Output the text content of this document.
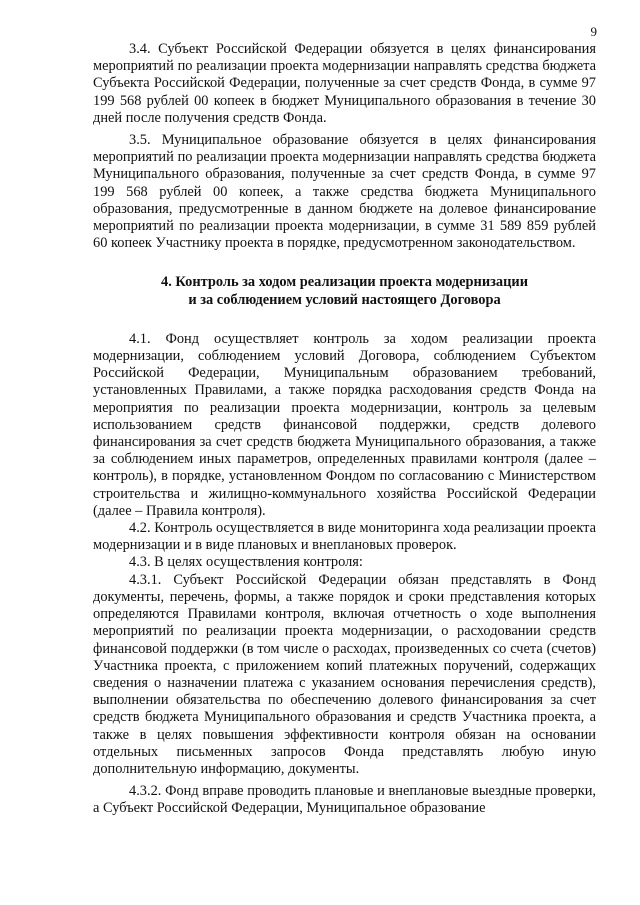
9

3.4. Субъект Российской Федерации обязуется в целях финансирования мероприятий по реализации проекта модернизации направлять средства бюджета Субъекта Российской Федерации, полученные за счет средств Фонда, в сумме 97 199 568 рублей 00 копеек в бюджет Муниципального образования в течение 30 дней после получения средств Фонда.

3.5. Муниципальное образование обязуется в целях финансирования мероприятий по реализации проекта модернизации направлять средства бюджета Муниципального образования, полученные за счет средств Фонда, в сумме 97 199 568 рублей 00 копеек, а также средства бюджета Муниципального образования, предусмотренные в данном бюджете на долевое финансирование мероприятий по реализации проекта модернизации, в сумме 31 589 859 рублей 60 копеек Участнику проекта в порядке, предусмотренном законодательством.

4. Контроль за ходом реализации проекта модернизации

и за соблюдением условий настоящего Договора

4.1. Фонд осуществляет контроль за ходом реализации проекта модернизации, соблюдением условий Договора, соблюдением Субъектом Российской Федерации, Муниципальным образованием требований, установленных Правилами, а также порядка расходования средств Фонда на мероприятия по реализации проекта модернизации, контроль за целевым использованием средств финансовой поддержки, средств долевого финансирования за счет средств бюджета Муниципального образования, а также за соблюдением иных параметров, определенных правилами контроля (далее – контроль), в порядке, установленном Фондом по согласованию с Министерством строительства и жилищно-коммунального хозяйства Российской Федерации (далее – Правила контроля).

4.2. Контроль осуществляется в виде мониторинга хода реализации проекта модернизации и в виде плановых и внеплановых проверок.

4.3. В целях осуществления контроля:

4.3.1. Субъект Российской Федерации обязан представлять в Фонд документы, перечень, формы, а также порядок и сроки представления которых определяются Правилами контроля, включая отчетность о ходе выполнения мероприятий по реализации проекта модернизации, о расходовании средств финансовой поддержки (в том числе о расходах, произведенных со счета (счетов) Участника проекта, с приложением копий платежных поручений, содержащих сведения о назначении платежа с указанием основания перечисления средств), выполнении обязательства по обеспечению долевого финансирования за счет средств бюджета Муниципального образования и средств Участника проекта, а также в целях повышения эффективности контроля обязан на основании отдельных письменных запросов Фонда представлять любую иную дополнительную информацию, документы.

4.3.2. Фонд вправе проводить плановые и внеплановые выездные проверки, а Субъект Российской Федерации, Муниципальное образование
